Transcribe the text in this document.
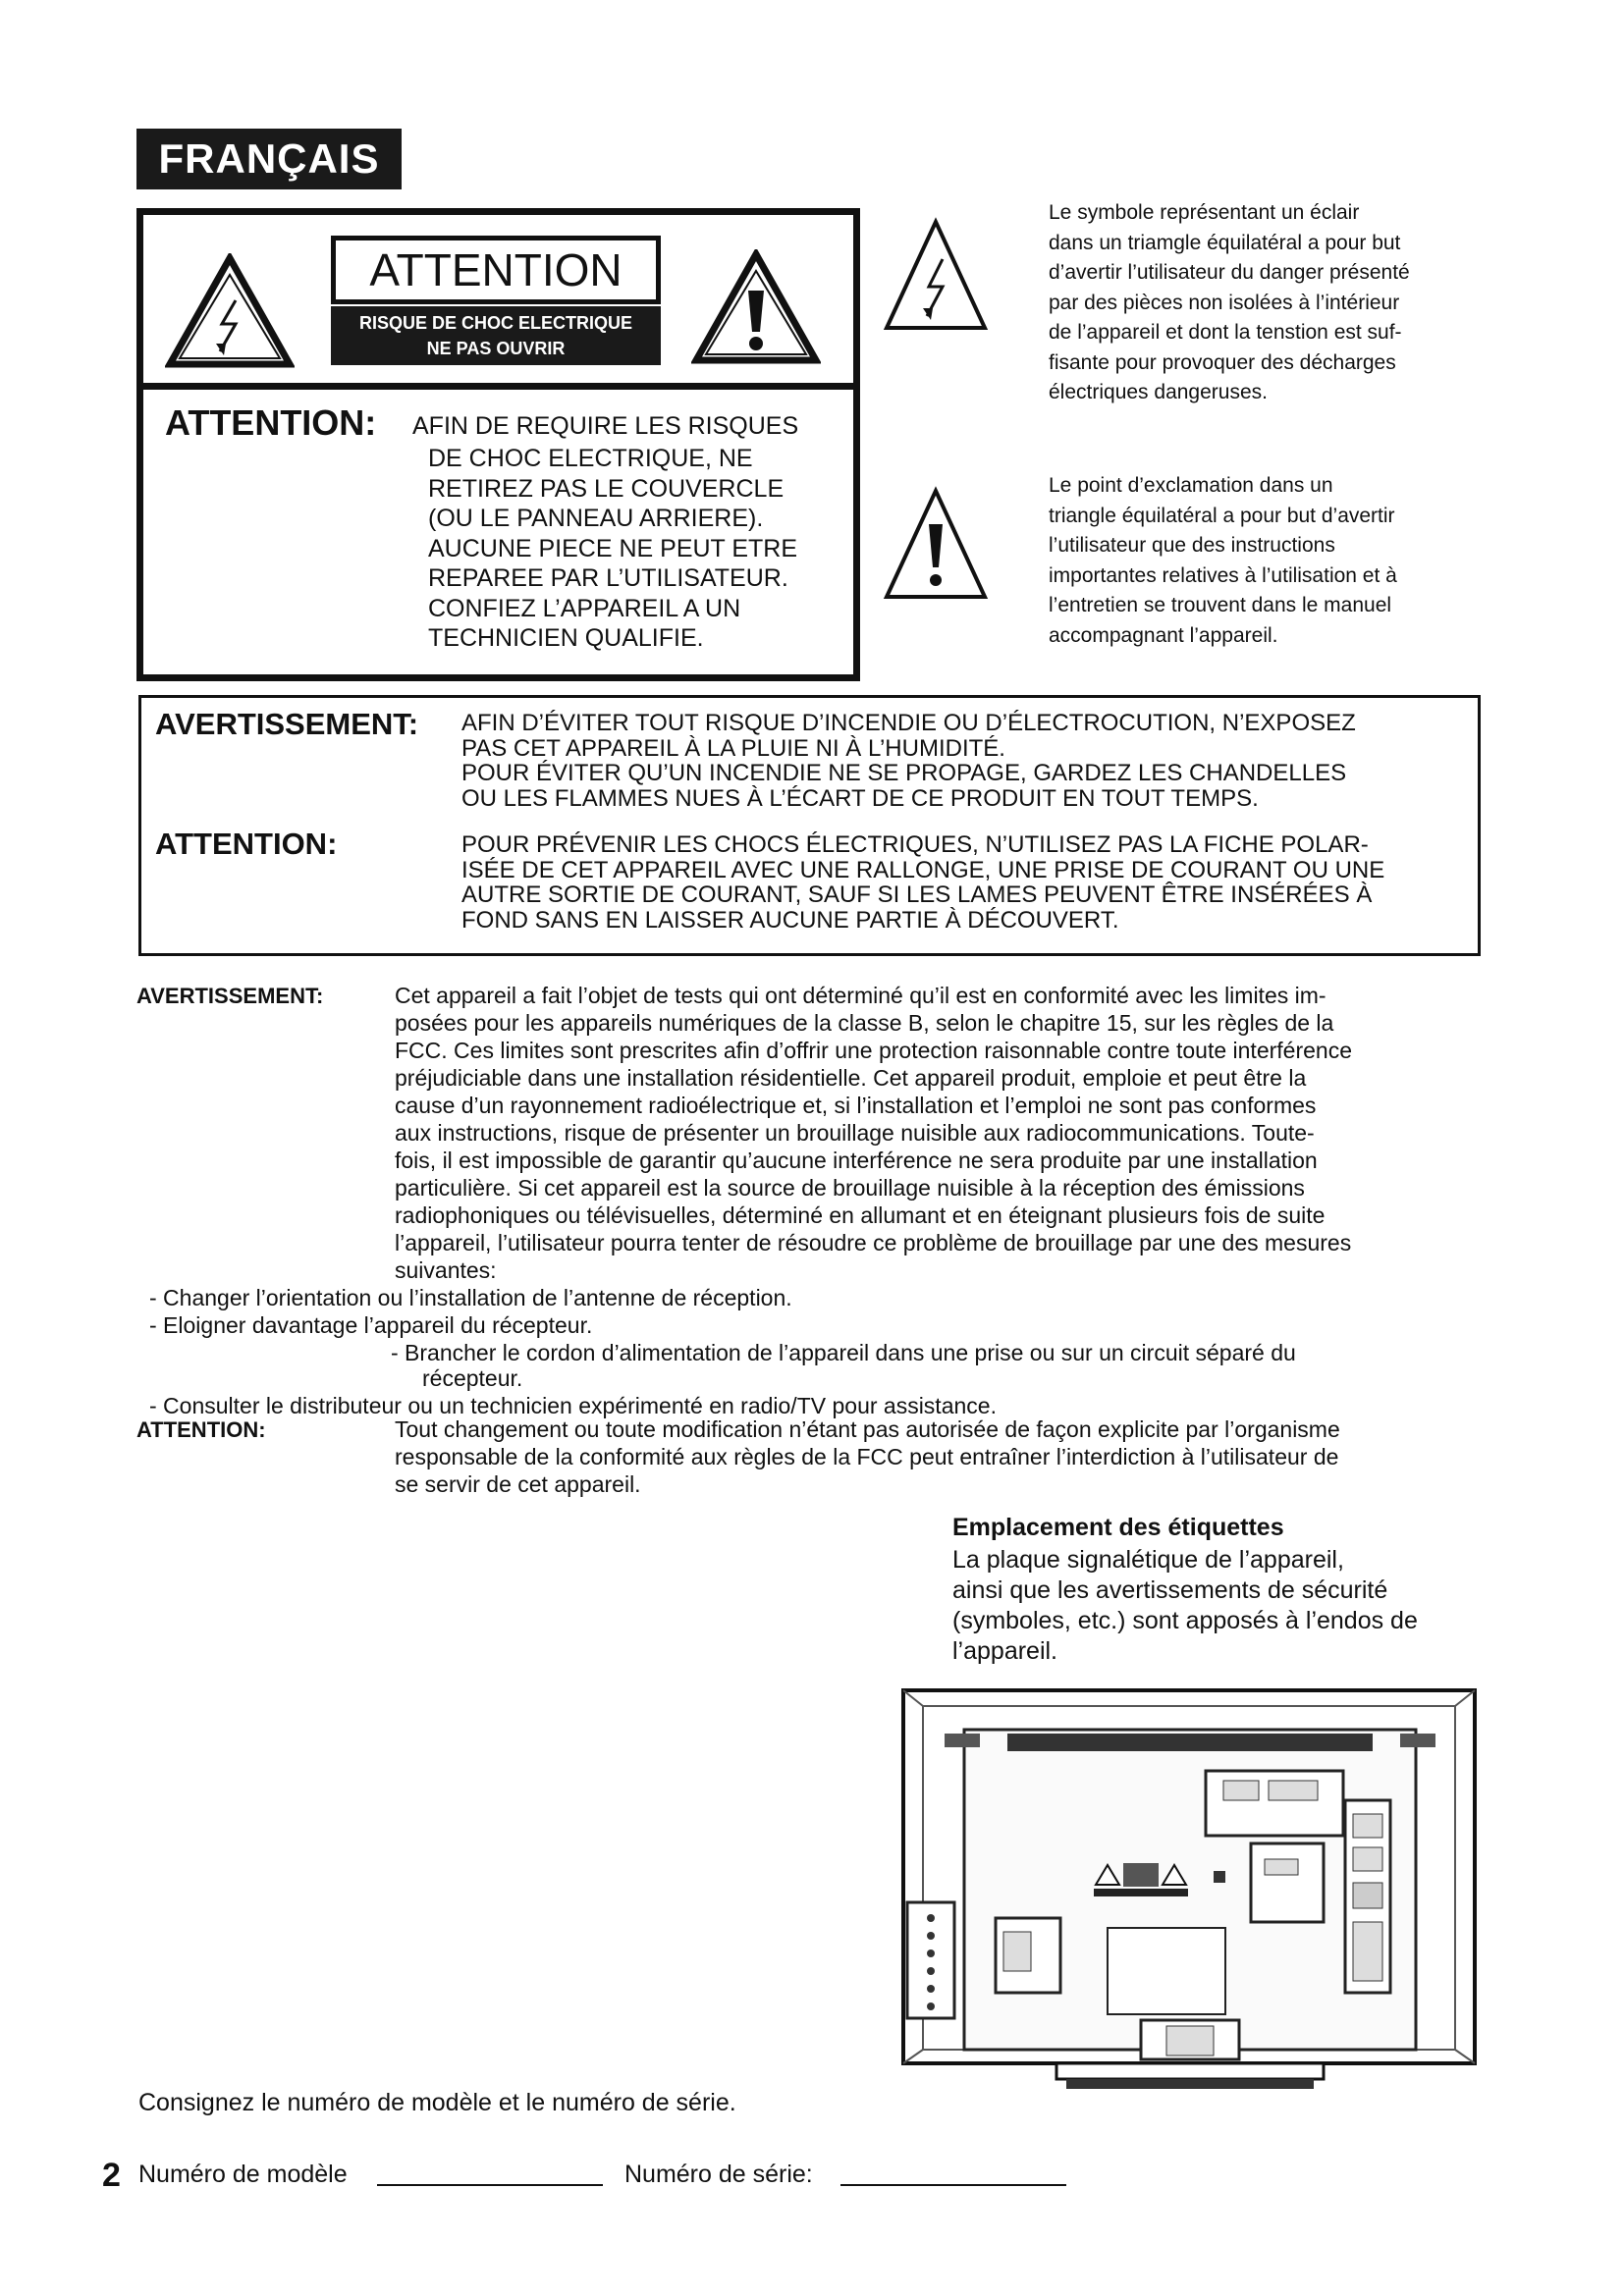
FRANÇAIS
ATTENTION
RISQUE DE CHOC ELECTRIQUE
NE PAS OUVRIR
ATTENTION: AFIN DE REQUIRE LES RISQUES
DE CHOC ELECTRIQUE, NE
RETIREZ PAS LE COUVERCLE
(OU LE PANNEAU ARRIERE).
AUCUNE PIECE NE PEUT ETRE
REPAREE PAR L’UTILISATEUR.
CONFIEZ L’APPAREIL A UN
TECHNICIEN QUALIFIE.
Le symbole représentant un éclair
dans un triamgle équilatéral a pour but
d’avertir l’utilisateur du danger présenté
par des pièces non isolées à l’intérieur
de l’appareil et dont la tenstion est suf-
fisante pour provoquer des décharges
électriques dangeruses.
Le point d’exclamation dans un
triangle équilatéral a pour but d’avertir
l’utilisateur que des instructions
importantes relatives à l’utilisation et à
l’entretien se trouvent dans le manuel
accompagnant l’appareil.
AVERTISSEMENT: AFIN D’ÉVITER TOUT RISQUE D’INCENDIE OU D’ÉLECTROCUTION, N’EXPOSEZ
PAS CET APPAREIL À LA PLUIE NI À L’HUMIDITÉ.
POUR ÉVITER QU’UN INCENDIE NE SE PROPAGE, GARDEZ LES CHANDELLES
OU LES FLAMMES NUES À L’ÉCART DE CE PRODUIT EN TOUT TEMPS.
ATTENTION:	POUR PRÉVENIR LES CHOCS ÉLECTRIQUES, N’UTILISEZ PAS LA FICHE POLAR-
ISÉE DE CET APPAREIL AVEC UNE RALLONGE, UNE PRISE DE COURANT OU UNE
AUTRE SORTIE DE COURANT, SAUF SI LES LAMES PEUVENT ÊTRE INSÉRÉES À
FOND SANS EN LAISSER AUCUNE PARTIE À DÉCOUVERT.
AVERTISSEMENT:	Cet appareil a fait l’objet de tests qui ont déterminé qu’il est en conformité avec les limites im-
posées pour les appareils numériques de la classe B, selon le chapitre 15, sur les règles de la
FCC. Ces limites sont prescrites afin d’offrir une protection raisonnable contre toute interférence
préjudiciable dans une installation résidentielle. Cet appareil produit, emploie et peut être la
cause d’un rayonnement radioélectrique et, si l’installation et l’emploi ne sont pas conformes
aux instructions, risque de présenter un brouillage nuisible aux radiocommunications. Toute-
fois, il est impossible de garantir qu’aucune interférence ne sera produite par une installation
particulière. Si cet appareil est la source de brouillage nuisible à la réception des émissions
radiophoniques ou télévisuelles, déterminé en allumant et en éteignant plusieurs fois de suite
l’appareil, l’utilisateur pourra tenter de résoudre ce problème de brouillage par une des mesures
suivantes:
- Changer l’orientation ou l’installation de l’antenne de réception.
- Eloigner davantage l’appareil du récepteur.
- Brancher le cordon d’alimentation de l’appareil dans une prise ou sur un circuit séparé du
récepteur.
- Consulter le distributeur ou un technicien expérimenté en radio/TV pour assistance.
ATTENTION:	Tout changement ou toute modification n’étant pas autorisée de façon explicite par l’organisme
responsable de la conformité aux règles de la FCC peut entraîner l’interdiction à l’utilisateur de
se servir de cet appareil.
Emplacement des étiquettes
La plaque signalétique de l’appareil,
ainsi que les avertissements de sécurité
(symboles, etc.) sont apposés à l’endos de
l’appareil.
Consignez le numéro de modèle et le numéro de série.
Numéro de modèle	Numéro de série:
2
